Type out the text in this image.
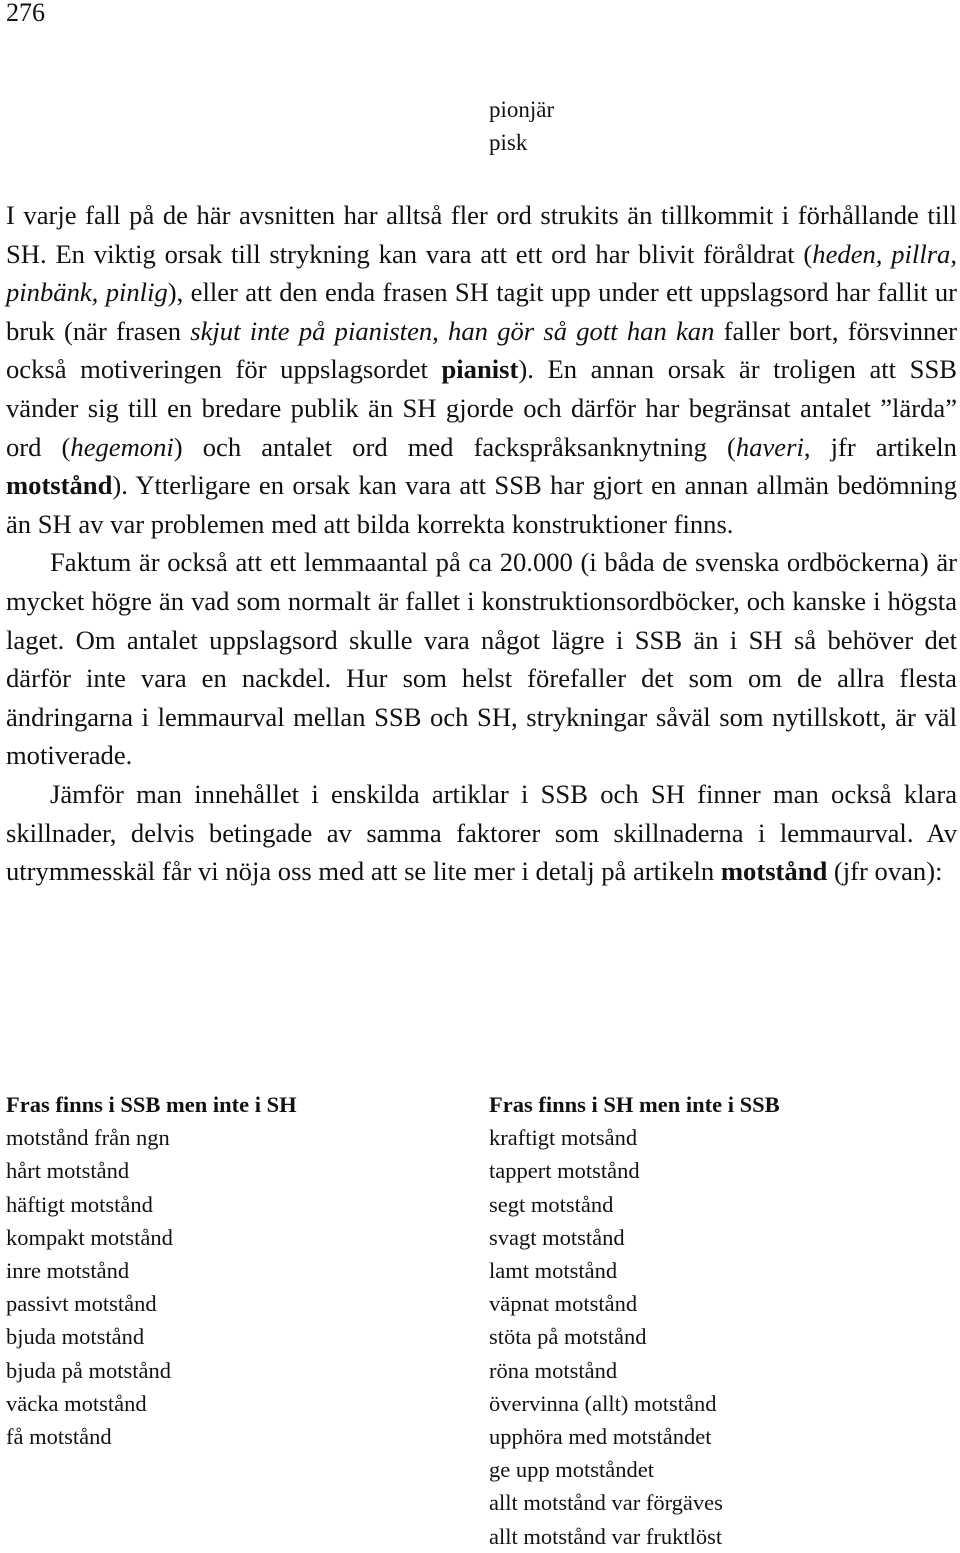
276
pionjär
pisk

I varje fall på de här avsnitten har alltså fler ord strukits än tillkommit i förhållande till SH. En viktig orsak till strykning kan vara att ett ord har blivit föråldrat (heden, pillra, pinbänk, pinlig), eller att den enda frasen SH tagit upp under ett uppslagsord har fallit ur bruk (när frasen skjut inte på pianisten, han gör så gott han kan faller bort, försvinner också motiveringen för uppslagsordet pianist). En annan orsak är troligen att SSB vänder sig till en bredare publik än SH gjorde och därför har begränsat antalet ”lärda” ord (hegemoni) och antalet ord med fackspråksanknytning (haveri, jfr artikeln motstånd). Ytterligare en orsak kan vara att SSB har gjort en annan allmän bedömning än SH av var problemen med att bilda korrekta konstruktioner finns.

Faktum är också att ett lemmaantal på ca 20.000 (i båda de svenska ordböckerna) är mycket högre än vad som normalt är fallet i konstruktionsordböcker, och kanske i högsta laget. Om antalet uppslagsord skulle vara något lägre i SSB än i SH så behöver det därför inte vara en nackdel. Hur som helst förefaller det som om de allra flesta ändringarna i lemmaurval mellan SSB och SH, strykningar såväl som nytillskott, är väl motiverade.

Jämför man innehållet i enskilda artiklar i SSB och SH finner man också klara skillnader, delvis betingade av samma faktorer som skillnaderna i lemmaurval. Av utrymmesskäl får vi nöja oss med att se lite mer i detalj på artikeln motstånd (jfr ovan):

Fras finns i SSB men inte i SH
motstånd från ngn
hårt motstånd
häftigt motstånd
kompakt motstånd
inre motstånd
passivt motstånd
bjuda motstånd
bjuda på motstånd
väcka motstånd
få motstånd
Fras finns i SH men inte i SSB
kraftigt motsånd
tappert motstånd
segt motstånd
svagt motstånd
lamt motstånd
väpnat motstånd
stöta på motstånd
röna motstånd
övervinna (allt) motstånd
upphöra med motståndet
ge upp motståndet
allt motstånd var förgäves
allt motstånd var fruktlöst
